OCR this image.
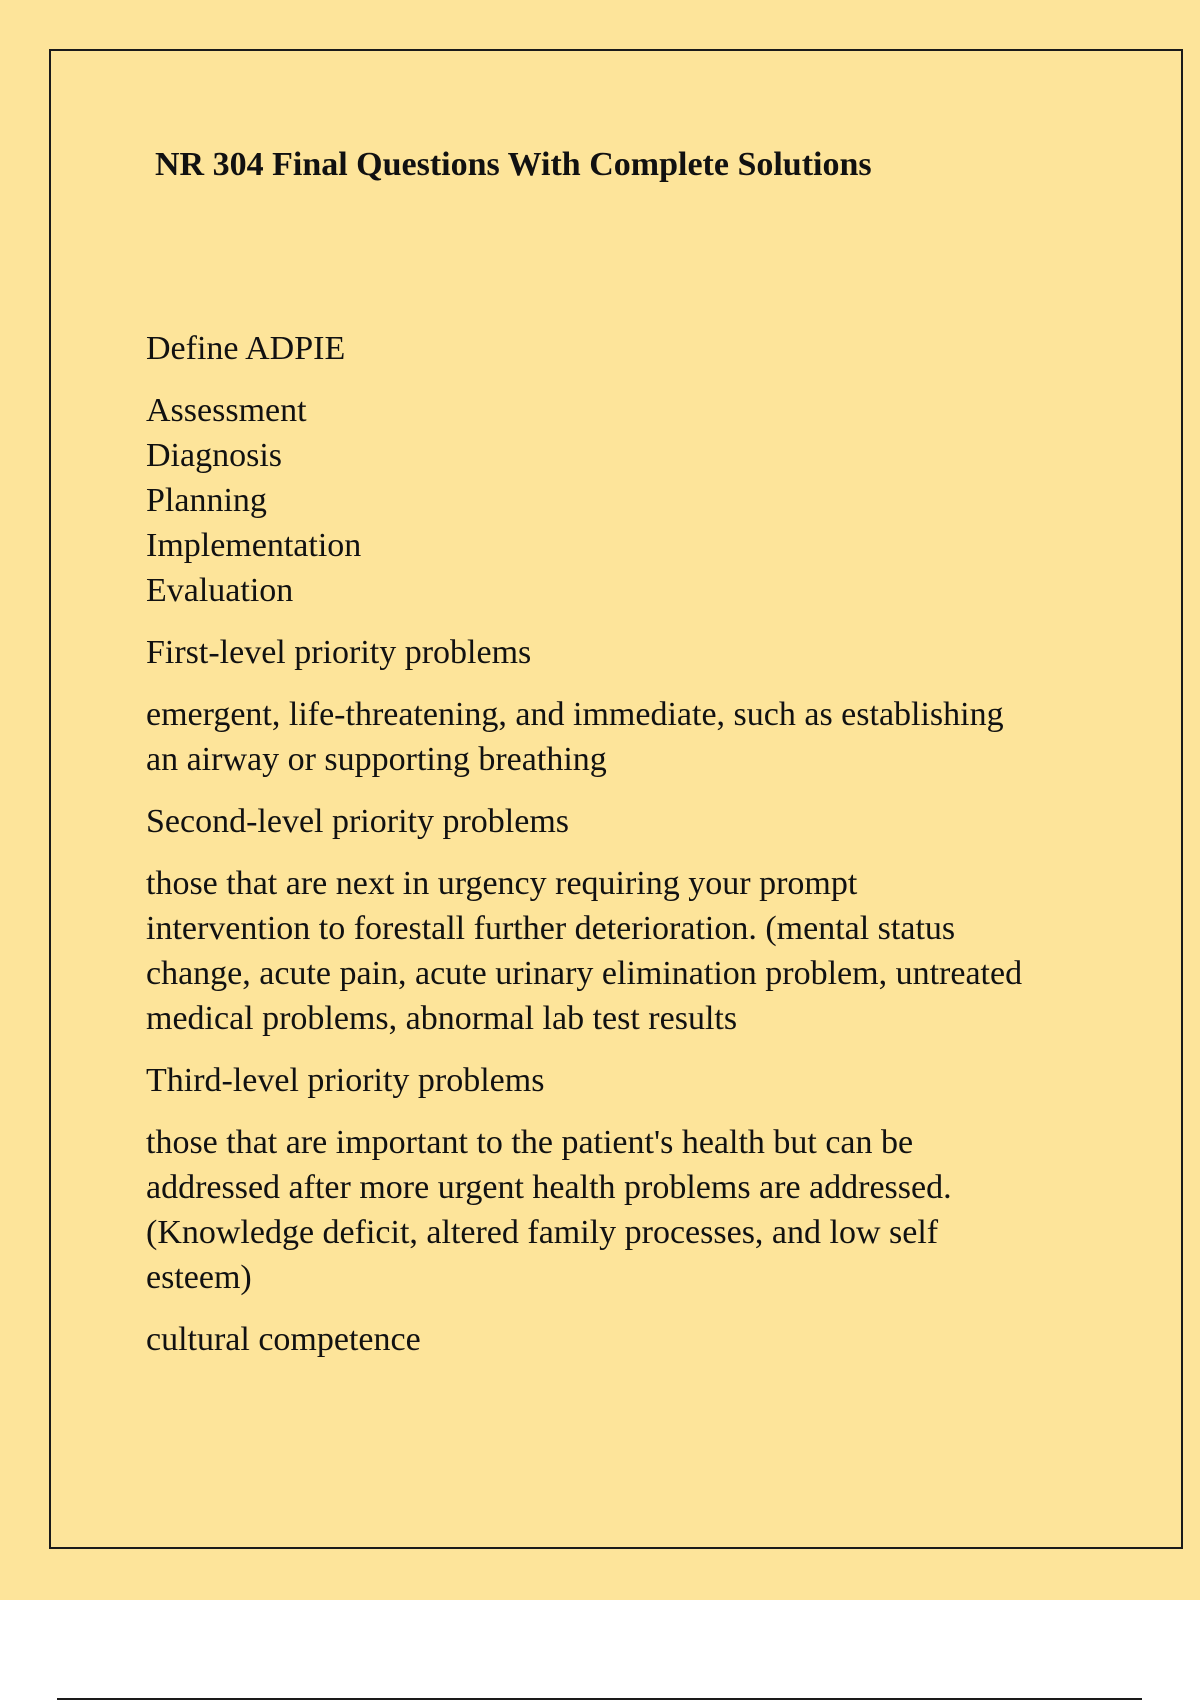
NR 304 Final Questions With Complete Solutions

Define ADPIE

Assessment
Diagnosis
Planning
Implementation
Evaluation

First-level priority problems

emergent, life-threatening, and immediate, such as establishing
an airway or supporting breathing

Second-level priority problems

those that are next in urgency requiring your prompt
intervention to forestall further deterioration. (mental status
change, acute pain, acute urinary elimination problem, untreated
medical problems, abnormal lab test results

Third-level priority problems

those that are important to the patient's health but can be
addressed after more urgent health problems are addressed.
(Knowledge deficit, altered family processes, and low self
esteem)

cultural competence
